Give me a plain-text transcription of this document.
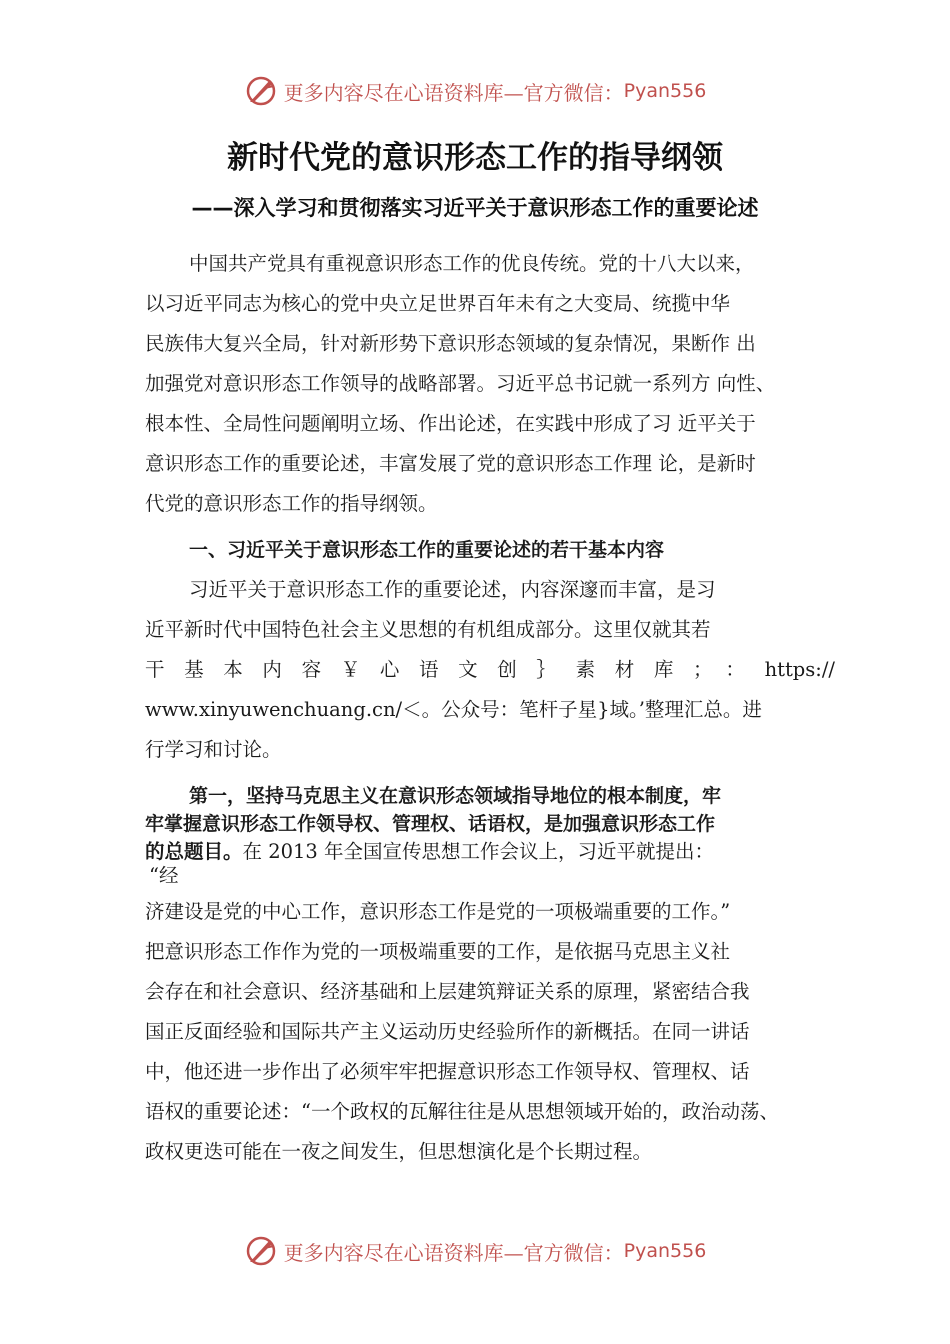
更多内容尽在心语资料库—官方微信： Pyan556
新时代党的意识形态工作的指导纲领
——深入学习和贯彻落实习近平关于意识形态工作的重要论述
中国共产党具有重视意识形态工作的优良传统。党的十八大以来，
以习近平同志为核心的党中央立足世界百年未有之大变局、统揽中华
民族伟大复兴全局，针对新形势下意识形态领域的复杂情况，果断作 出
加强党对意识形态工作领导的战略部署。习近平总书记就一系列方 向性、
根本性、全局性问题阐明立场、作出论述，在实践中形成了习 近平关于
意识形态工作的重要论述，丰富发展了党的意识形态工作理 论，是新时
代党的意识形态工作的指导纲领。
一、习近平关于意识形态工作的重要论述的若干基本内容
习近平关于意识形态工作的重要论述，内容深邃而丰富，是习
近平新时代中国特色社会主义思想的有机组成部分。这里仅就其若
干 基 本 内 容 ￥ 心 语 文 创 ｝ 素 材 库 ； ： https://
www.xinyuwenchuang.cn/＜。公众号：笔杆子星}域。’整理汇总。进
行学习和讨论。
第一，坚持马克思主义在意识形态领域指导地位的根本制度，牢
牢掌握意识形态工作领导权、管理权、话语权，是加强意识形态工作
的总题目。在 2013 年全国宣传思想工作会议上，习近平就提出：
“经
济建设是党的中心工作，意识形态工作是党的一项极端重要的工作。”
把意识形态工作作为党的一项极端重要的工作，是依据马克思主义社
会存在和社会意识、经济基础和上层建筑辩证关系的原理，紧密结合我
国正反面经验和国际共产主义运动历史经验所作的新概括。在同一讲话
中，他还进一步作出了必须牢牢把握意识形态工作领导权、管理权、话
语权的重要论述：“一个政权的瓦解往往是从思想领域开始的，政治动荡、
政权更迭可能在一夜之间发生，但思想演化是个长期过程。
更多内容尽在心语资料库—官方微信： Pyan556
